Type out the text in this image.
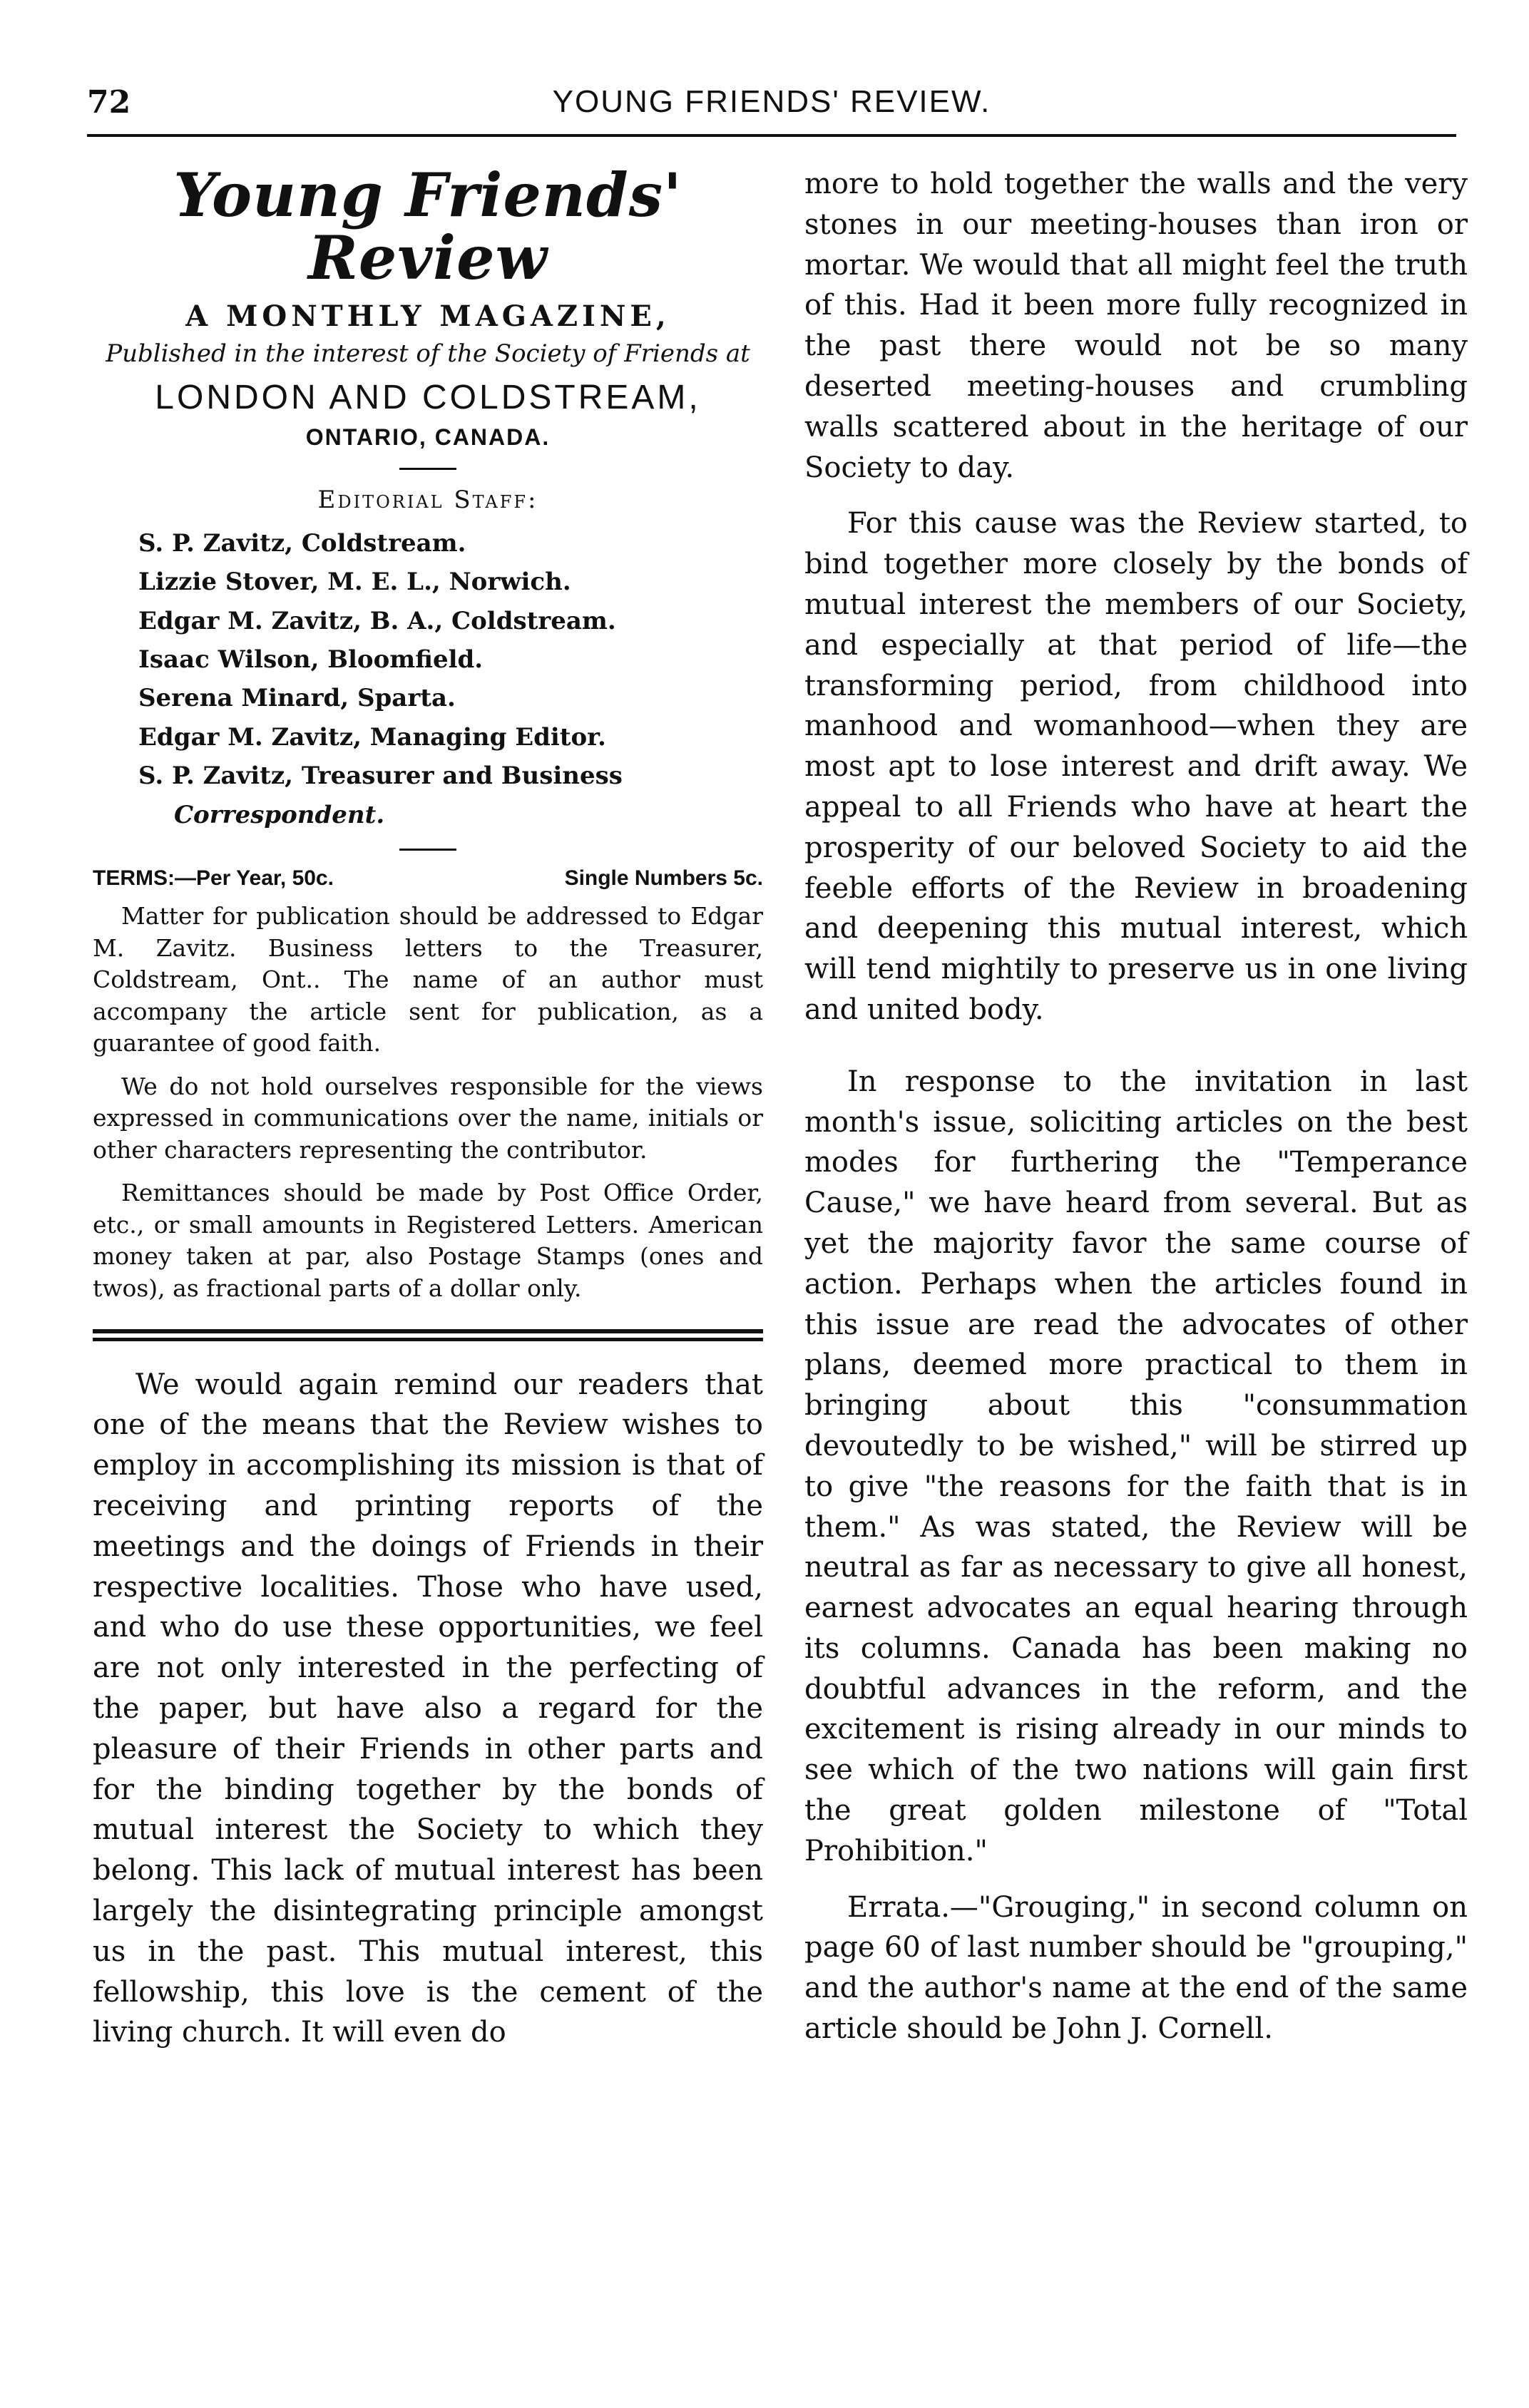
72	YOUNG FRIENDS' REVIEW.
Young Friends' Review
A MONTHLY MAGAZINE,
Published in the interest of the Society of Friends at
LONDON AND COLDSTREAM,
ONTARIO, CANADA.
Editorial Staff:
S. P. Zavitz, Coldstream.
Lizzie Stover, M. E. L., Norwich.
Edgar M. Zavitz, B. A., Coldstream.
Isaac Wilson, Bloomfield.
Serena Minard, Sparta.
Edgar M. Zavitz, Managing Editor.
S. P. Zavitz, Treasurer and Business
Correspondent.
TERMS:—Per Year, 50c.	Single Numbers 5c.

Matter for publication should be addressed to Edgar M. Zavitz. Business letters to the Treasurer, Coldstream, Ont.. The name of an author must accompany the article sent for publication, as a guarantee of good faith.

We do not hold ourselves responsible for the views expressed in communications over the name, initials or other characters representing the contributor.

Remittances should be made by Post Office Order, etc., or small amounts in Registered Letters. American money taken at par, also Postage Stamps (ones and twos), as fractional parts of a dollar only.

We would again remind our readers that one of the means that the Review wishes to employ in accomplishing its mission is that of receiving and printing reports of the meetings and the doings of Friends in their respective localities. Those who have used, and who do use these opportunities, we feel are not only interested in the perfecting of the paper, but have also a regard for the pleasure of their Friends in other parts and for the binding together by the bonds of mutual interest the Society to which they belong. This lack of mutual interest has been largely the disintegrating principle amongst us in the past. This mutual interest, this fellowship, this love is the cement of the living church. It will even do

more to hold together the walls and the very stones in our meeting-houses than iron or mortar. We would that all might feel the truth of this. Had it been more fully recognized in the past there would not be so many deserted meeting-houses and crumbling walls scattered about in the heritage of our Society to day.

For this cause was the Review started, to bind together more closely by the bonds of mutual interest the members of our Society, and especially at that period of life—the transforming period, from childhood into manhood and womanhood—when they are most apt to lose interest and drift away. We appeal to all Friends who have at heart the prosperity of our beloved Society to aid the feeble efforts of the Review in broadening and deepening this mutual interest, which will tend mightily to preserve us in one living and united body.

In response to the invitation in last month's issue, soliciting articles on the best modes for furthering the "Temperance Cause," we have heard from several. But as yet the majority favor the same course of action. Perhaps when the articles found in this issue are read the advocates of other plans, deemed more practical to them in bringing about this "consummation devoutedly to be wished," will be stirred up to give "the reasons for the faith that is in them." As was stated, the Review will be neutral as far as necessary to give all honest, earnest advocates an equal hearing through its columns. Canada has been making no doubtful advances in the reform, and the excitement is rising already in our minds to see which of the two nations will gain first the great golden milestone of "Total Prohibition."

Errata.—"Grouging," in second column on page 60 of last number should be "grouping," and the author's name at the end of the same article should be John J. Cornell.
